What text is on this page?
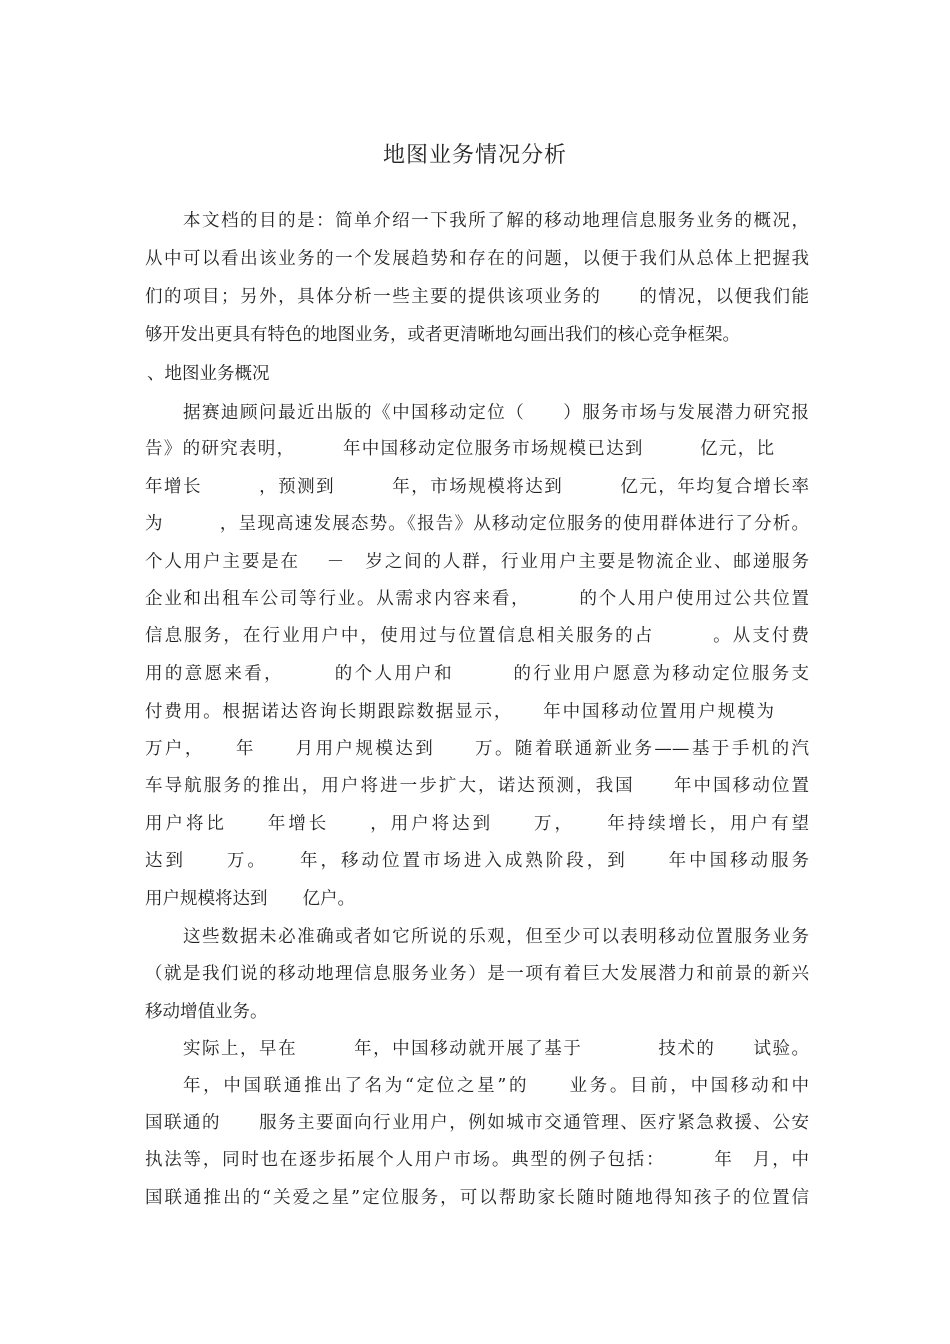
地图业务情况分析
本文档的目的是：简单介绍一下我所了解的移动地理信息服务业务的概况，
从中可以看出该业务的一个发展趋势和存在的问题，以便于我们从总体上把握我
们的项目；另外，具体分析一些主要的提供该项业务的　　的情况，以便我们能
够开发出更具有特色的地图业务，或者更清晰地勾画出我们的核心竞争框架。
、地图业务概况
据赛迪顾问最近出版的《中国移动定位（　　）服务市场与发展潜力研究报
告》的研究表明，　　　年中国移动定位服务市场规模已达到　　　亿元，比　　
年增长　　　，预测到　　　年，市场规模将达到　　　亿元，年均复合增长率
为　　　，呈现高速发展态势。《报告》从移动定位服务的使用群体进行了分析。
个人用户主要是在　 －　岁之间的人群，行业用户主要是物流企业、邮递服务
企业和出租车公司等行业。从需求内容来看，　　　的个人用户使用过公共位置
信息服务，在行业用户中，使用过与位置信息相关服务的占　　　。从支付费
用的意愿来看，　　　的个人用户和　　　的行业用户愿意为移动定位服务支
付费用。根据诺达咨询长期跟踪数据显示，　　年中国移动位置用户规模为　　
万户，　　年　　月用户规模达到　　万。随着联通新业务——基于手机的汽
车导航服务的推出，用户将进一步扩大，诺达预测，我国　　年中国移动位置
用户将比　　年增长　　，用户将达到　　万，　　年持续增长，用户有望
达到　　万。　　年，移动位置市场进入成熟阶段，到　　年中国移动服务
用户规模将达到　　亿户。
这些数据未必准确或者如它所说的乐观，但至少可以表明移动位置服务业务
（就是我们说的移动地理信息服务业务）是一项有着巨大发展潜力和前景的新兴
移动增值业务。
实际上，早在　　　年，中国移动就开展了基于　　　　技术的　　试验。
年，中国联通推出了名为“定位之星”的　　业务。目前，中国移动和中
国联通的　　服务主要面向行业用户，例如城市交通管理、医疗紧急救援、公安
执法等，同时也在逐步拓展个人用户市场。典型的例子包括：　　　年　月，中
国联通推出的“关爱之星”定位服务，可以帮助家长随时随地得知孩子的位置信
